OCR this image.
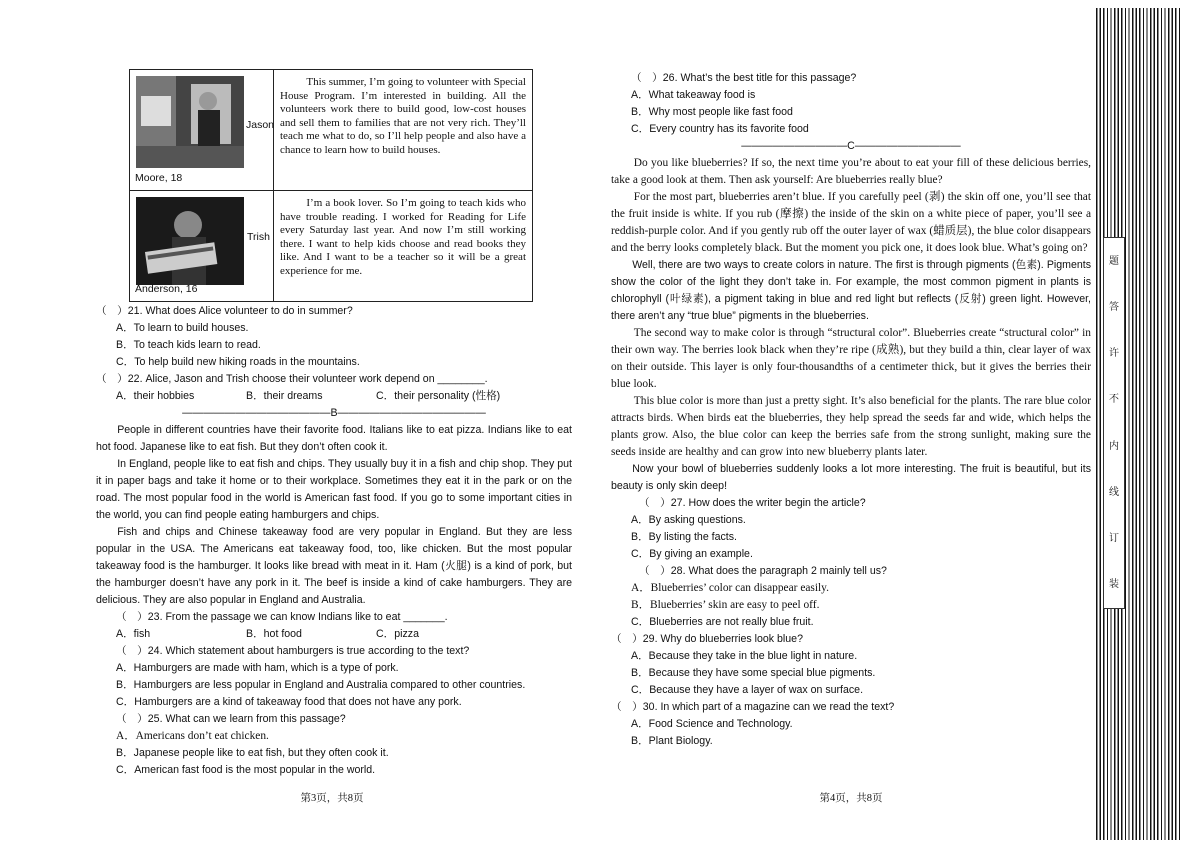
Jason
Moore, 18	This summer, I’m going to volunteer with Special House Program. I’m interested in building. All the volunteers work there to build good, low-cost houses and sell them to families that are not very rich. They’ll teach me what to do, so I’ll help people and also have a chance to learn how to build houses.

Trish
Anderson, 16	I’m a book lover. So I’m going to teach kids who have trouble reading. I worked for Reading for Life every Saturday last year. And now I’m still working there. I want to help kids choose and read books they like. And I want to be a teacher so it will be a great experience for me.

（　）21. What does Alice volunteer to do in summer?

A．To learn to build houses.

B．To teach kids learn to read.

C．To help build new hiking roads in the mountains.

（　）22. Alice, Jason and Trish choose their volunteer work depend on ________.

A．their hobbies	B．their dreams	C．their personality (性格)

——————————————B——————————————

People in different countries have their favorite food. Italians like to eat pizza. Indians like to eat hot food. Japanese like to eat fish. But they don’t often cook it.

In England, people like to eat fish and chips. They usually buy it in a fish and chip shop. They put it in paper bags and take it home or to their workplace. Sometimes they eat it in the park or on the road. The most popular food in the world is American fast food. If you go to some important cities in the world, you can find people eating hamburgers and chips.

Fish and chips and Chinese takeaway food are very popular in England. But they are less popular in the USA. The Americans eat takeaway food, too, like chicken. But the most popular takeaway food is the hamburger. It looks like bread with meat in it. Ham (火腿) is a kind of pork, but the hamburger doesn’t have any pork in it. The beef is inside a kind of cake hamburgers. They are delicious. They are also popular in England and Australia.

（　）23. From the passage we can know Indians like to eat _______.

A．fish	B．hot food	C．pizza

（　）24. Which statement about hamburgers is true according to the text?

A．Hamburgers are made with ham, which is a type of pork.

B．Hamburgers are less popular in England and Australia compared to other countries.

C．Hamburgers are a kind of takeaway food that does not have any pork.

（　）25. What can we learn from this passage?

A．Americans don’t eat chicken.

B．Japanese people like to eat fish, but they often cook it.

C．American fast food is the most popular in the world.

第3页，共8页

（　）26. What’s the best title for this passage?

A．What takeaway food is

B．Why most people like fast food

C．Every country has its favorite food

——————————C——————————

Do you like blueberries? If so, the next time you’re about to eat your fill of these delicious berries, take a good look at them. Then ask yourself: Are blueberries really blue?

For the most part, blueberries aren’t blue. If you carefully peel (剥) the skin off one, you’ll see that the fruit inside is white. If you rub (摩擦) the inside of the skin on a white piece of paper, you’ll see a reddish-purple color. And if you gently rub off the outer layer of wax (蜡质层), the blue color disappears and the berry looks completely black. But the moment you pick one, it does look blue. What’s going on?

Well, there are two ways to create colors in nature. The first is through pigments (色素). Pigments show the color of the light they don’t take in. For example, the most common pigment in plants is chlorophyll (叶绿素), a pigment taking in blue and red light but reflects (反射) green light. However, there aren’t any “true blue” pigments in the blueberries.

The second way to make color is through “structural color”. Blueberries create “structural color” in their own way. The berries look black when they’re ripe (成熟), but they build a thin, clear layer of wax on their outside. This layer is only four-thousandths of a centimeter thick, but it gives the berries their blue look.

This blue color is more than just a pretty sight. It’s also beneficial for the plants. The rare blue color attracts birds. When birds eat the blueberries, they help spread the seeds far and wide, which helps the plants grow. Also, the blue color can keep the berries safe from the strong sunlight, making sure the seeds inside are healthy and can grow into new blueberry plants later.

Now your bowl of blueberries suddenly looks a lot more interesting. The fruit is beautiful, but its beauty is only skin deep!

（　）27. How does the writer begin the article?

A．By asking questions.

B．By listing the facts.

C．By giving an example.

（　）28. What does the paragraph 2 mainly tell us?

A．Blueberries’ color can disappear easily.

B．Blueberries’ skin are easy to peel off.

C．Blueberries are not really blue fruit.

（　）29. Why do blueberries look blue?

A．Because they take in the blue light in nature.

B．Because they have some special blue pigments.

C．Because they have a layer of wax on surface.

（　）30. In which part of a magazine can we read the text?

A．Food Science and Technology.

B．Plant Biology.

第4页，共8页
题
答
许
不
内
线
订
装
